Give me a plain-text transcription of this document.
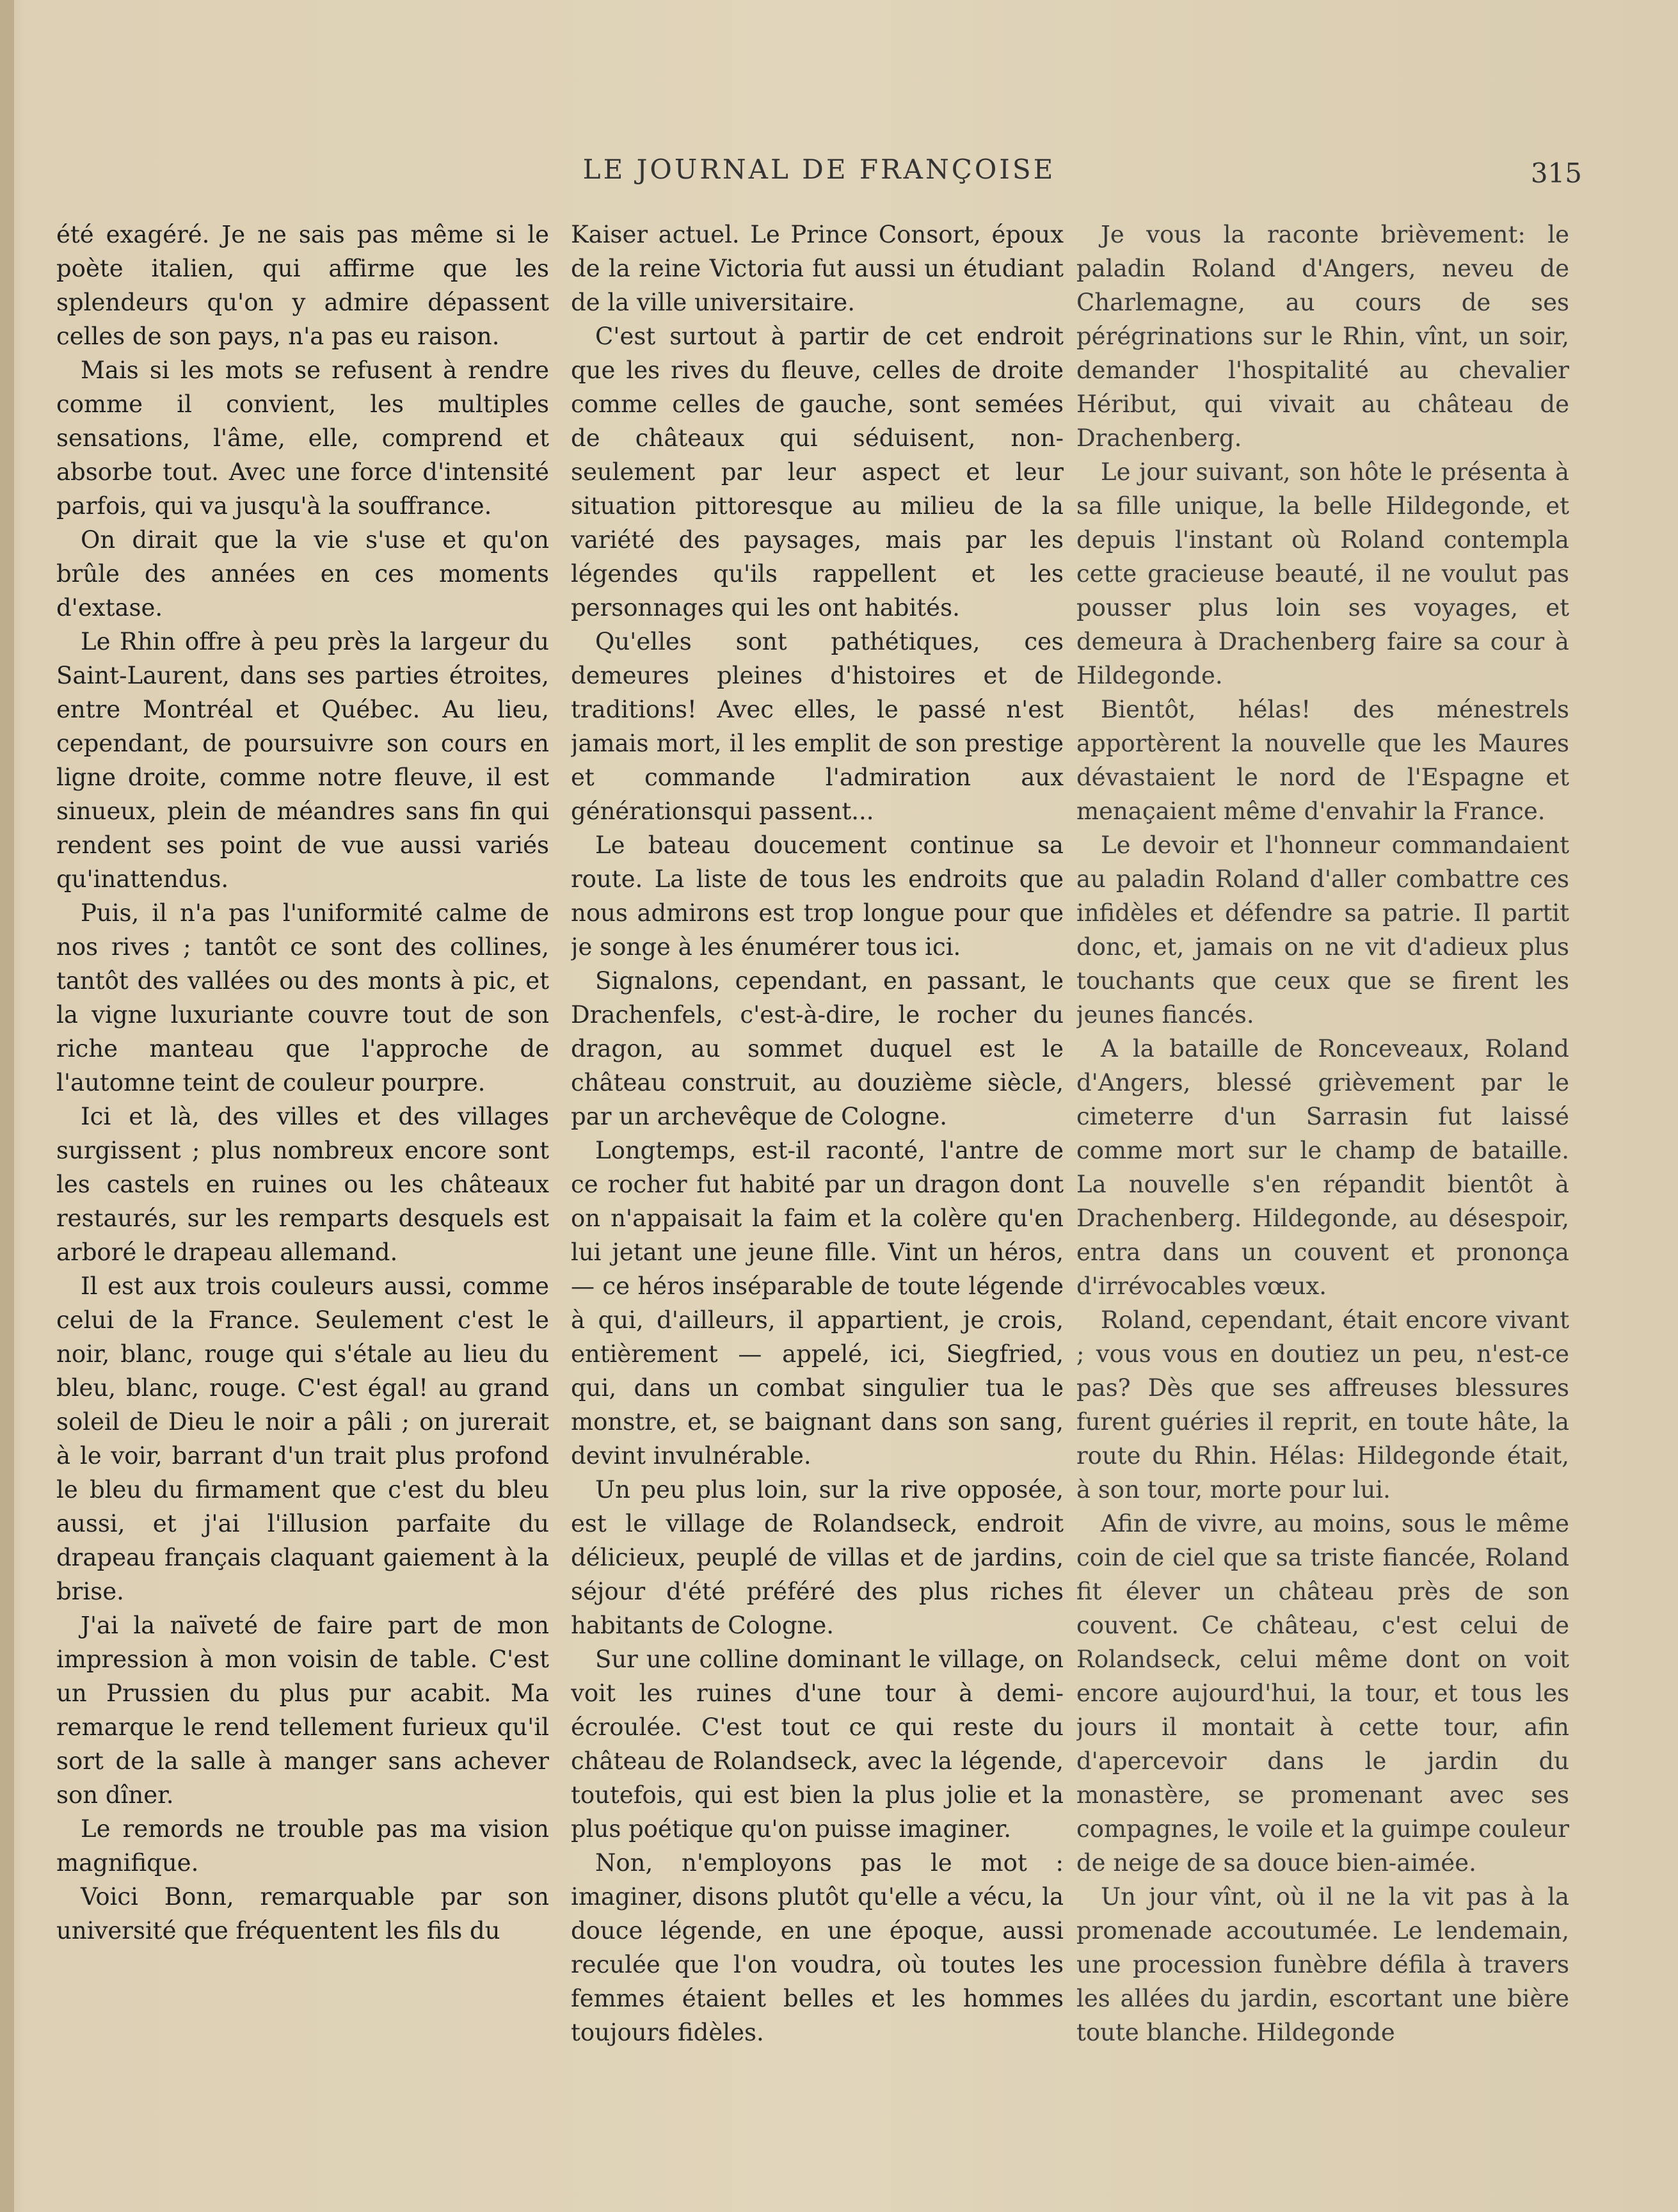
LE JOURNAL DE FRANÇOISE	315

été exagéré. Je ne sais pas même si le poète italien, qui affirme que les splendeurs qu'on y admire dépassent celles de son pays, n'a pas eu raison.

Mais si les mots se refusent à rendre comme il convient, les multiples sensations, l'âme, elle, comprend et absorbe tout. Avec une force d'intensité parfois, qui va jusqu'à la souffrance.

On dirait que la vie s'use et qu'on brûle des années en ces moments d'extase.

Le Rhin offre à peu près la largeur du Saint-Laurent, dans ses parties étroites, entre Montréal et Québec. Au lieu, cependant, de poursuivre son cours en ligne droite, comme notre fleuve, il est sinueux, plein de méandres sans fin qui rendent ses point de vue aussi variés qu'inattendus.

Puis, il n'a pas l'uniformité calme de nos rives ; tantôt ce sont des collines, tantôt des vallées ou des monts à pic, et la vigne luxuriante couvre tout de son riche manteau que l'approche de l'automne teint de couleur pourpre.

Ici et là, des villes et des villages surgissent ; plus nombreux encore sont les castels en ruines ou les châteaux restaurés, sur les remparts desquels est arboré le drapeau allemand.

Il est aux trois couleurs aussi, comme celui de la France. Seulement c'est le noir, blanc, rouge qui s'étale au lieu du bleu, blanc, rouge. C'est égal! au grand soleil de Dieu le noir a pâli ; on jurerait à le voir, barrant d'un trait plus profond le bleu du firmament que c'est du bleu aussi, et j'ai l'illusion parfaite du drapeau français claquant gaiement à la brise.

J'ai la naïveté de faire part de mon impression à mon voisin de table. C'est un Prussien du plus pur acabit. Ma remarque le rend tellement furieux qu'il sort de la salle à manger sans achever son dîner.

Le remords ne trouble pas ma vision magnifique.

Voici Bonn, remarquable par son université que fréquentent les fils du

Kaiser actuel. Le Prince Consort, époux de la reine Victoria fut aussi un étudiant de la ville universitaire.

C'est surtout à partir de cet endroit que les rives du fleuve, celles de droite comme celles de gauche, sont semées de châteaux qui séduisent, non-seulement par leur aspect et leur situation pittoresque au milieu de la variété des paysages, mais par les légendes qu'ils rappellent et les personnages qui les ont habités.

Qu'elles sont pathétiques, ces demeures pleines d'histoires et de traditions! Avec elles, le passé n'est jamais mort, il les emplit de son prestige et commande l'admiration aux générationsqui passent...

Le bateau doucement continue sa route. La liste de tous les endroits que nous admirons est trop longue pour que je songe à les énumérer tous ici.

Signalons, cependant, en passant, le Drachenfels, c'est-à-dire, le rocher du dragon, au sommet duquel est le château construit, au douzième siècle, par un archevêque de Cologne.

Longtemps, est-il raconté, l'antre de ce rocher fut habité par un dragon dont on n'appaisait la faim et la colère qu'en lui jetant une jeune fille. Vint un héros, — ce héros inséparable de toute légende à qui, d'ailleurs, il appartient, je crois, entièrement — appelé, ici, Siegfried, qui, dans un combat singulier tua le monstre, et, se baignant dans son sang, devint invulnérable.

Un peu plus loin, sur la rive opposée, est le village de Rolandseck, endroit délicieux, peuplé de villas et de jardins, séjour d'été préféré des plus riches habitants de Cologne.

Sur une colline dominant le village, on voit les ruines d'une tour à demi-écroulée. C'est tout ce qui reste du château de Rolandseck, avec la légende, toutefois, qui est bien la plus jolie et la plus poétique qu'on puisse imaginer.

Non, n'employons pas le mot : imaginer, disons plutôt qu'elle a vécu, la douce légende, en une époque, aussi reculée que l'on voudra, où toutes les femmes étaient belles et les hommes toujours fidèles.

Je vous la raconte brièvement: le paladin Roland d'Angers, neveu de Charlemagne, au cours de ses pérégrinations sur le Rhin, vînt, un soir, demander l'hospitalité au chevalier Héribut, qui vivait au château de Drachenberg.

Le jour suivant, son hôte le présenta à sa fille unique, la belle Hildegonde, et depuis l'instant où Roland contempla cette gracieuse beauté, il ne voulut pas pousser plus loin ses voyages, et demeura à Drachenberg faire sa cour à Hildegonde.

Bientôt, hélas! des ménestrels apportèrent la nouvelle que les Maures dévastaient le nord de l'Espagne et menaçaient même d'envahir la France.

Le devoir et l'honneur commandaient au paladin Roland d'aller combattre ces infidèles et défendre sa patrie. Il partit donc, et, jamais on ne vit d'adieux plus touchants que ceux que se firent les jeunes fiancés.

A la bataille de Ronceveaux, Roland d'Angers, blessé grièvement par le cimeterre d'un Sarrasin fut laissé comme mort sur le champ de bataille. La nouvelle s'en répandit bientôt à Drachenberg. Hildegonde, au désespoir, entra dans un couvent et prononça d'irrévocables vœux.

Roland, cependant, était encore vivant ; vous vous en doutiez un peu, n'est-ce pas? Dès que ses affreuses blessures furent guéries il reprit, en toute hâte, la route du Rhin. Hélas: Hildegonde était, à son tour, morte pour lui.

Afin de vivre, au moins, sous le même coin de ciel que sa triste fiancée, Roland fit élever un château près de son couvent. Ce château, c'est celui de Rolandseck, celui même dont on voit encore aujourd'hui, la tour, et tous les jours il montait à cette tour, afin d'apercevoir dans le jardin du monastère, se promenant avec ses compagnes, le voile et la guimpe couleur de neige de sa douce bien-aimée.

Un jour vînt, où il ne la vit pas à la promenade accoutumée. Le lendemain, une procession funèbre défila à travers les allées du jardin, escortant une bière toute blanche. Hildegonde
